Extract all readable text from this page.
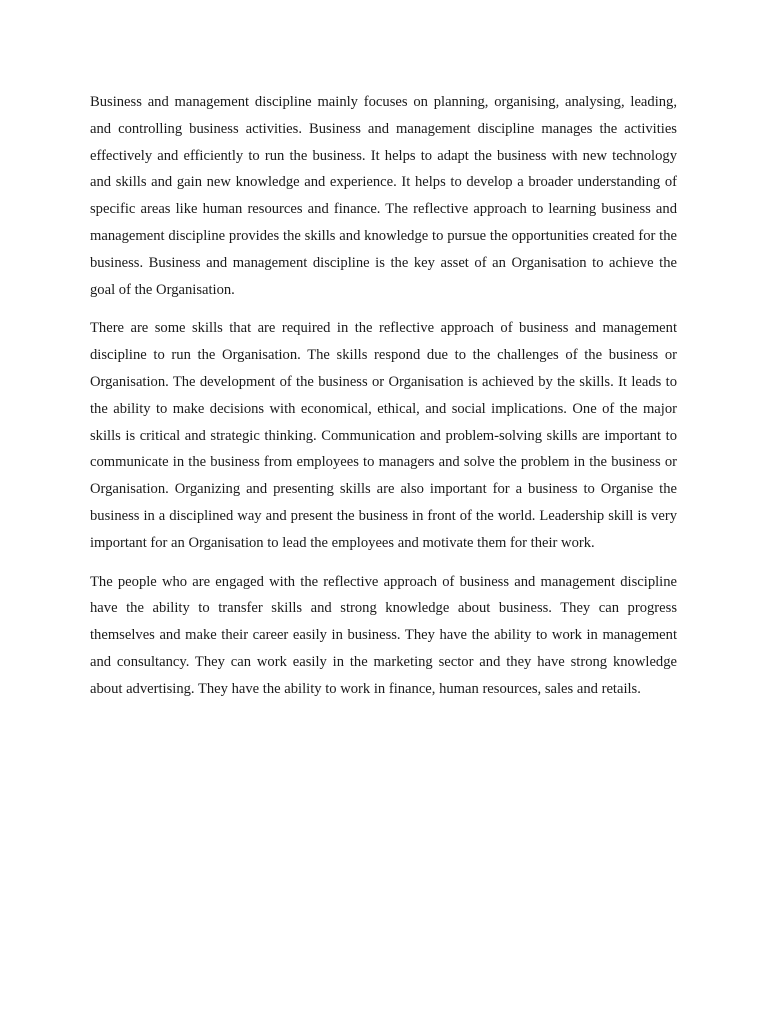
Business and management discipline mainly focuses on planning, organising, analysing, leading, and controlling business activities. Business and management discipline manages the activities effectively and efficiently to run the business. It helps to adapt the business with new technology and skills and gain new knowledge and experience. It helps to develop a broader understanding of specific areas like human resources and finance. The reflective approach to learning business and management discipline provides the skills and knowledge to pursue the opportunities created for the business. Business and management discipline is the key asset of an Organisation to achieve the goal of the Organisation.

There are some skills that are required in the reflective approach of business and management discipline to run the Organisation. The skills respond due to the challenges of the business or Organisation. The development of the business or Organisation is achieved by the skills. It leads to the ability to make decisions with economical, ethical, and social implications. One of the major skills is critical and strategic thinking. Communication and problem-solving skills are important to communicate in the business from employees to managers and solve the problem in the business or Organisation. Organizing and presenting skills are also important for a business to Organise the business in a disciplined way and present the business in front of the world. Leadership skill is very important for an Organisation to lead the employees and motivate them for their work.

The people who are engaged with the reflective approach of business and management discipline have the ability to transfer skills and strong knowledge about business. They can progress themselves and make their career easily in business. They have the ability to work in management and consultancy. They can work easily in the marketing sector and they have strong knowledge about advertising. They have the ability to work in finance, human resources, sales and retails.
